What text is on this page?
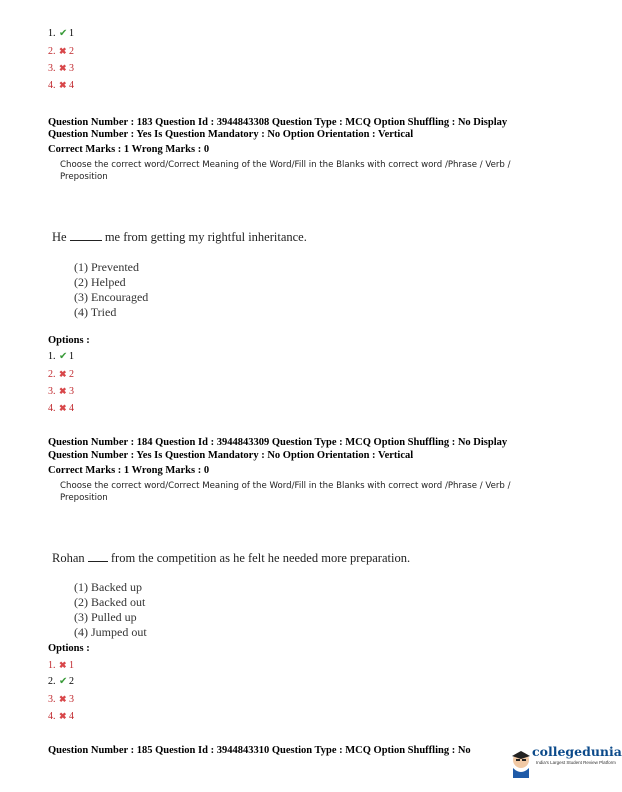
1. ✔ 1
2. ✖ 2
3. ✖ 3
4. ✖ 4
Question Number : 183 Question Id : 3944843308 Question Type : MCQ Option Shuffling : No Display
Question Number : Yes Is Question Mandatory : No Option Orientation : Vertical
Correct Marks : 1 Wrong Marks : 0
Choose the correct word/Correct Meaning of the Word/Fill in the Blanks with correct word /Phrase / Verb / Preposition
He	me from getting my rightful inheritance.
(1) Prevented
(2) Helped
(3) Encouraged
(4) Tried
Options :
1. ✔ 1
2. ✖ 2
3. ✖ 3
4. ✖ 4
Question Number : 184 Question Id : 3944843309 Question Type : MCQ Option Shuffling : No Display
Question Number : Yes Is Question Mandatory : No Option Orientation : Vertical
Correct Marks : 1 Wrong Marks : 0
Choose the correct word/Correct Meaning of the Word/Fill in the Blanks with correct word /Phrase / Verb / Preposition
Rohan from the competition as he felt he needed more preparation.
(1) Backed up
(2) Backed out
(3) Pulled up
(4) Jumped out
Options :
1. ✖ 1
2. ✔ 2
3. ✖ 3
4. ✖ 4
Question Number : 185 Question Id : 3944843310 Question Type : MCQ Option Shuffling : No	collegedunia
India's Largest Student Review Platform
